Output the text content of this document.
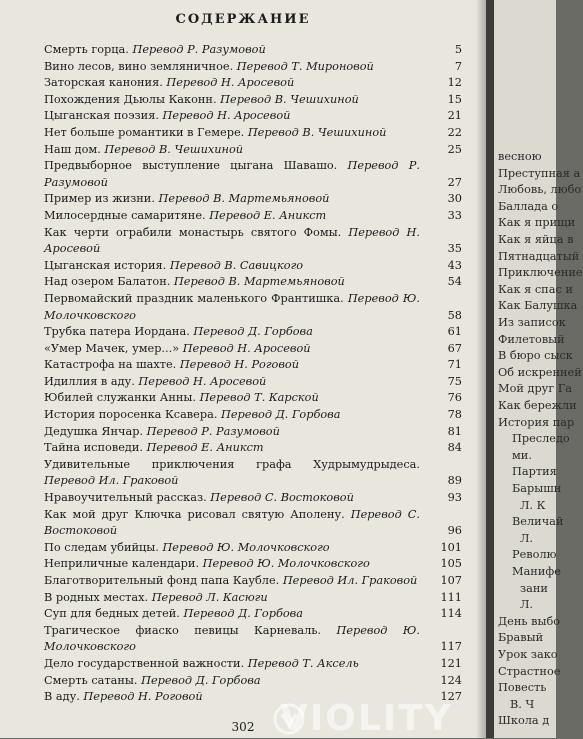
СОДЕРЖАНИЕ
Смерть горца. Перевод Р. Разумовой	5
Вино лесов, вино земляничное. Перевод Т. Мироновой	7
Заторская канония. Перевод Н. Аросевой	12
Похождения Дьюлы Каконн. Перевод В. Чешихиной	15
Цыганская поэзия. Перевод Н. Аросевой	21
Нет больше романтики в Гемере. Перевод В. Чешихиной	22
Наш дом. Перевод В. Чешихиной	25
Предвыборное выступление цыгана Шавашо. Перевод Р. Разумовой	27
Пример из жизни. Перевод В. Мартемьяновой	30
Милосердные самаритяне. Перевод Е. Аникст	33
Как черти ограбили монастырь святого Фомы. Перевод Н. Аросевой	35
Цыганская история. Перевод В. Савицкого	43
Над озером Балатон. Перевод В. Мартемьяновой	54
Первомайский праздник маленького Франтишка. Перевод Ю. Молочковского	58
Трубка патера Иордана. Перевод Д. Горбова	61
«Умер Мачек, умер...» Перевод Н. Аросевой	67
Катастрофа на шахте. Перевод Н. Роговой	71
Идиллия в аду. Перевод Н. Аросевой	75
Юбилей служанки Анны. Перевод Т. Карской	76
История поросенка Ксавера. Перевод Д. Горбова	78
Дедушка Янчар. Перевод Р. Разумовой	81
Тайна исповеди. Перевод Е. Аникст	84
Удивительные приключения графа Худрымудрыдеса. Перевод Ил. Граковой	89
Нравоучительный рассказ. Перевод С. Востоковой	93
Как мой друг Ключка рисовал святую Аполену. Перевод С. Востоковой	96
По следам убийцы. Перевод Ю. Молочковского	101
Неприличные календари. Перевод Ю. Молочковского	105
Благотворительный фонд папа Каубле. Перевод Ил. Граковой	107
В родных местах. Перевод Л. Касюги	111
Суп для бедных детей. Перевод Д. Горбова	114
Трагическое фиаско певицы Карневаль. Перевод Ю. Молочковского	117
Дело государственной важности. Перевод Т. Аксель	121
Смерть сатаны. Перевод Д. Горбова	124
В аду. Перевод Н. Роговой	127
302
весною
Преступная а
Любовь, любо
Баллада о
Как я прищи
Как я яйца в
Пятнадцатый
Приключение
Как я спас и
Как Балушка
Из записок
Филетовый
В бюро сыск
Об искренней
Мой друг Га
Как бережли
История пар
Преследо
ми.
Партия
Барышн
Л. К
Величай
Л.
Револю
Манифе
зани
Л.
День выбо
Бравый
Урок зако
Страстное
Повесть
В. Ч
Школа д
VIOLITY
